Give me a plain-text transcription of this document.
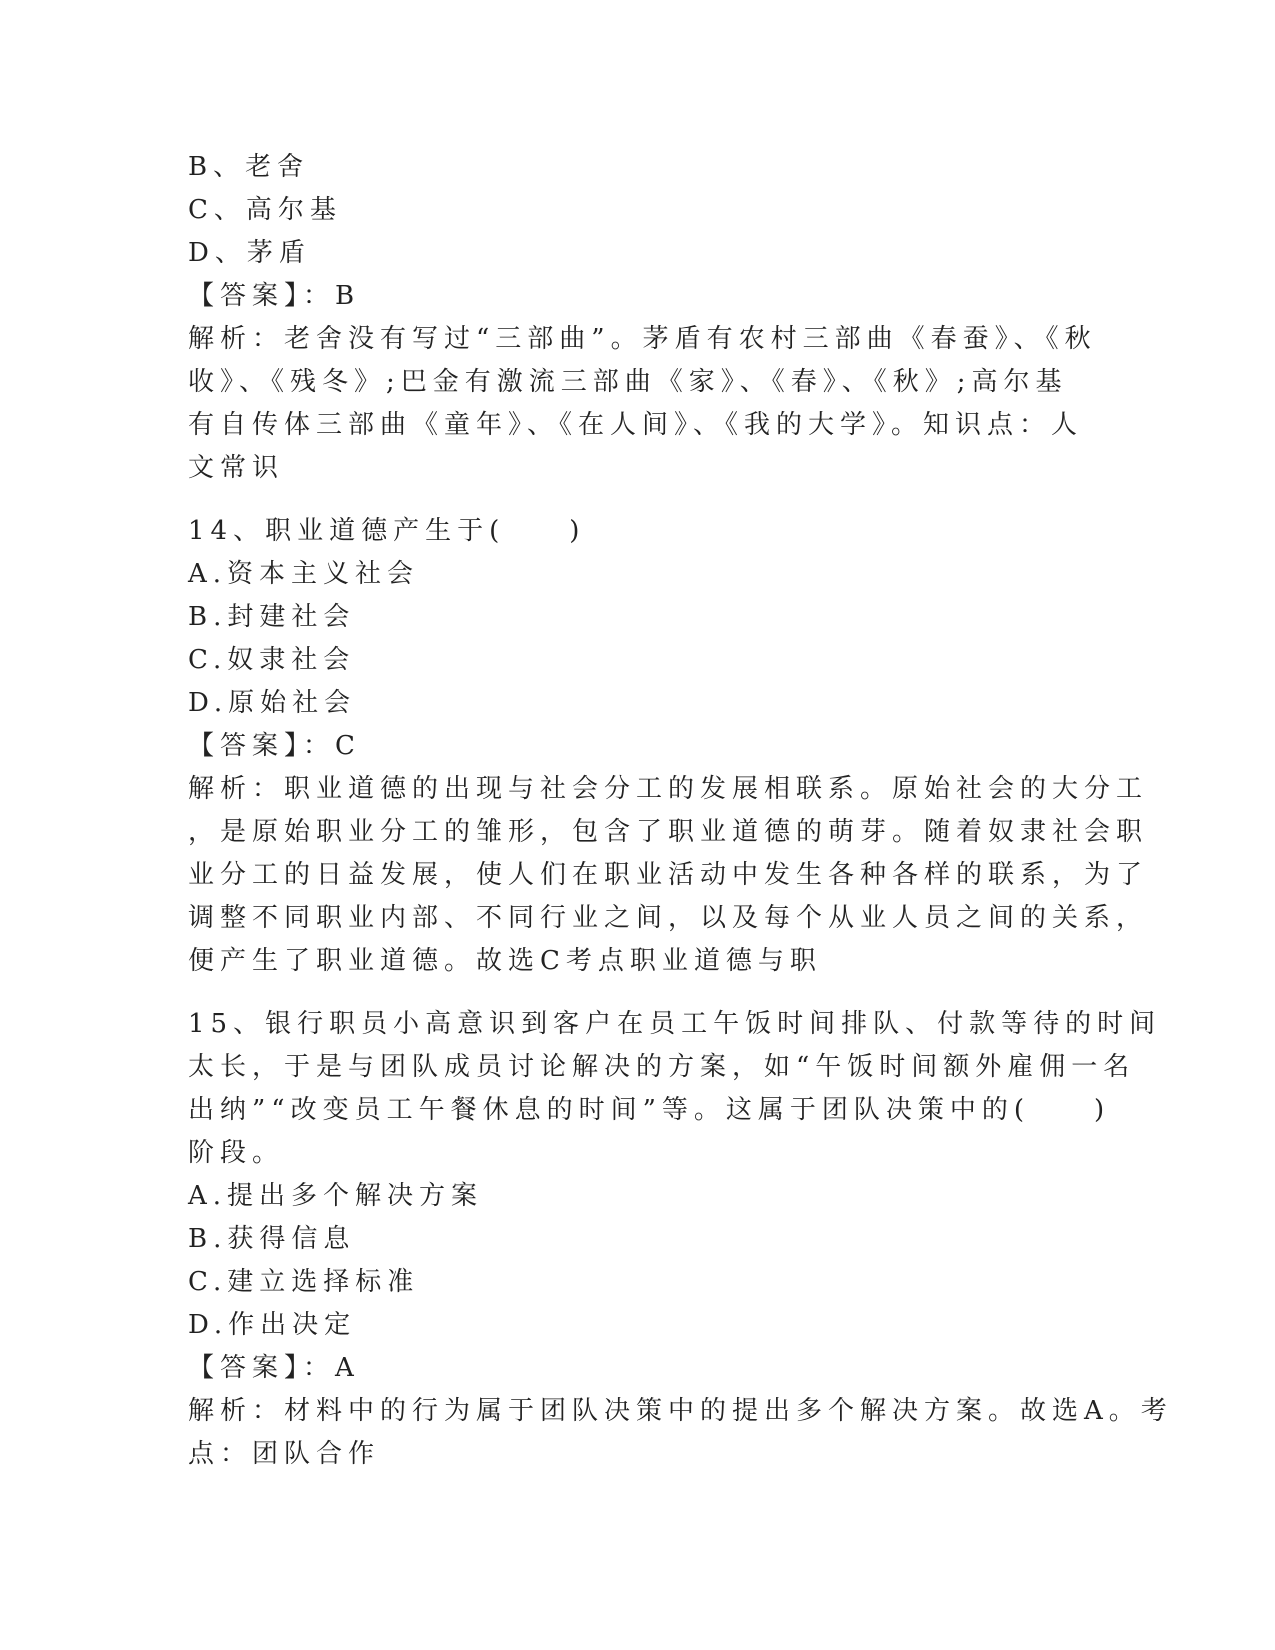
B、老舍
C、高尔基
D、茅盾
【答案】：B
解析：老舍没有写过“三部曲”。茅盾有农村三部曲《春蚕》、《秋
收》、《残冬》;巴金有激流三部曲《家》、《春》、《秋》;高尔基
有自传体三部曲《童年》、《在人间》、《我的大学》。知识点：人
文常识
14、职业道德产生于(　　)
A.资本主义社会
B.封建社会
C.奴隶社会
D.原始社会
【答案】：C
解析：职业道德的出现与社会分工的发展相联系。原始社会的大分工
，是原始职业分工的雏形，包含了职业道德的萌芽。随着奴隶社会职
业分工的日益发展，使人们在职业活动中发生各种各样的联系，为了
调整不同职业内部、不同行业之间，以及每个从业人员之间的关系，
便产生了职业道德。故选C考点职业道德与职
15、银行职员小高意识到客户在员工午饭时间排队、付款等待的时间
太长，于是与团队成员讨论解决的方案，如“午饭时间额外雇佣一名
出纳”“改变员工午餐休息的时间”等。这属于团队决策中的(　　)
阶段。
A.提出多个解决方案
B.获得信息
C.建立选择标准
D.作出决定
【答案】：A
解析：材料中的行为属于团队决策中的提出多个解决方案。故选A。考
点：团队合作
